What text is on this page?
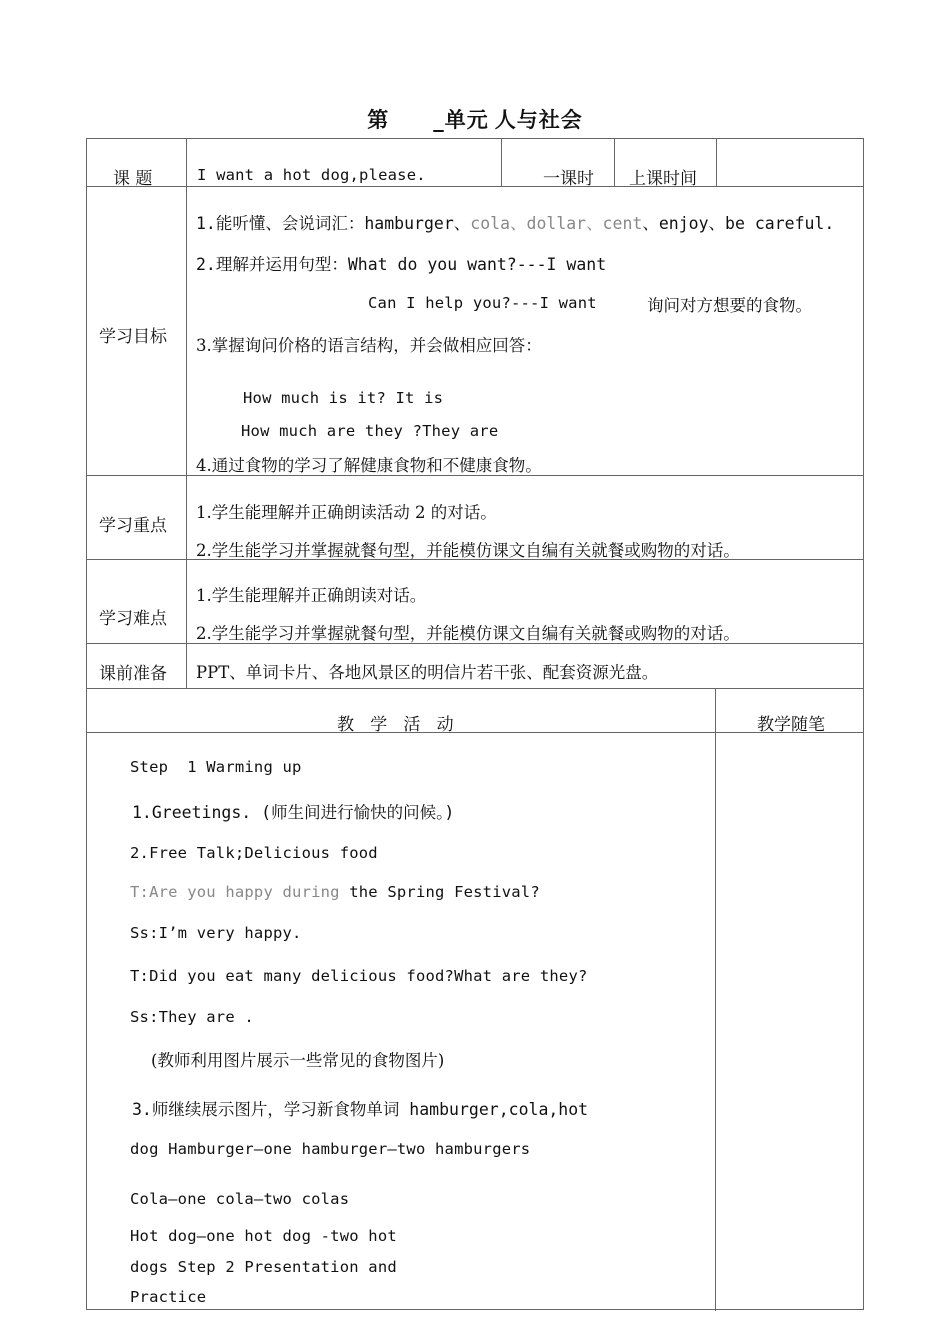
第 _单元 人与社会
课 题	I want a hot dog,please.	一课时 上课时间
学习目标
1.能听懂、会说词汇：hamburger、cola、dollar、cent、enjoy、be careful.
2.理解并运用句型：What do you want?---I want
Can I help you?---I want	询问对方想要的食物。
3.掌握询问价格的语言结构，并会做相应回答：
How much is it? It is
How much are they ?They are
4.通过食物的学习了解健康食物和不健康食物。
学习重点
1.学生能理解并正确朗读活动 2 的对话。
2.学生能学习并掌握就餐句型，并能模仿课文自编有关就餐或购物的对话。
学习难点
1.学生能理解并正确朗读对话。
2.学生能学习并掌握就餐句型，并能模仿课文自编有关就餐或购物的对话。
课前准备 PPT、单词卡片、各地风景区的明信片若干张、配套资源光盘。
教   学   活   动	教学随笔
Step  1 Warming up
1.Greetings. (师生间进行愉快的问候。)
2.Free Talk;Delicious food
T:Are you happy during the Spring Festival?
Ss:I’m very happy.
T:Did you eat many delicious food?What are they?
Ss:They are .
(教师利用图片展示一些常见的食物图片)
3.师继续展示图片，学习新食物单词 hamburger,cola,hot
dog Hamburger—one hamburger—two hamburgers
Cola—one cola—two colas
Hot dog—one hot dog -two hot
dogs Step 2 Presentation and
Practice
